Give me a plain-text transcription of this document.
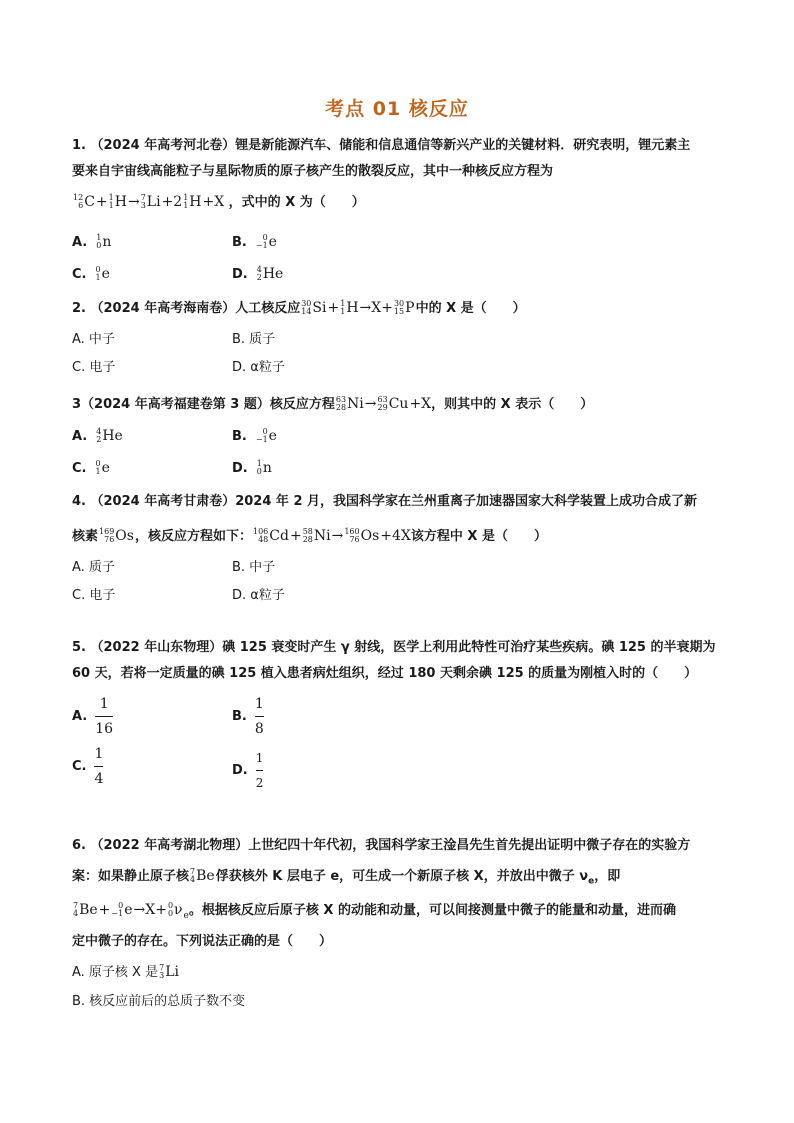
考点 01 核反应
1. （2024 年高考河北卷）锂是新能源汽车、储能和信息通信等新兴产业的关键材料．研究表明，锂元素主
要来自宇宙线高能粒子与星际物质的原子核产生的散裂反应，其中一种核反应方程为
12
6 C+ 1
1 H→ 7
3 Li+2 1
1 H+X ，式中的 X 为（　　）
A. 1
0 n	B.	0
−1 e
C. 0
1 e	D. 4
2 He
2. （2024 年高考海南卷）人工核反应 30
14 Si+ 1
1 H→X+ 30
15 P中的 X 是（　　）
A. 中子	B. 质子
C. 电子	D. α粒子
3（2024 年高考福建卷第 3 题）核反应方程 63
28 Ni→ 63
29 Cu+X，则其中的 X 表示（　　）
A. 4
2 He	B.	0
−1 e
C. 0
1 e	D. 1
0 n
4. （2024 年高考甘肃卷）2024 年 2 月，我国科学家在兰州重离子加速器国家大科学装置上成功合成了新
核素 169
76 Os，核反应方程如下： 106
48 Cd+ 58
28 Ni→ 160
76 Os+4X该方程中 X 是（　　）
A. 质子	B. 中子
C. 电子	D. α粒子
5. （2022 年山东物理）碘 125 衰变时产生 γ 射线，医学上利用此特性可治疗某些疾病。碘 125 的半衰期为
60 天，若将一定质量的碘 125 植入患者病灶组织，经过 180 天剩余碘 125 的质量为刚植入时的（　　）
A. $\frac{1}{16}$	B. $\frac{1}{8}$
C. $\frac{1}{4}$	D. $\frac{1}{2}$
6. （2022 年高考湖北物理）上世纪四十年代初，我国科学家王淦昌先生首先提出证明中微子存在的实验方
案：如果静止原子核 7
4 Be俘获核外 K 层电子 e，可生成一个新原子核 X，并放出中微子 $\nu_e$，即
7
4 Be+ 0
−1 e→X+ 0
0 $\nu_e$。根据核反应后原子核 X 的动能和动量，可以间接测量中微子的能量和动量，进而确
定中微子的存在。下列说法正确的是（　　）
A. 原子核 X 是 7
3 Li
B. 核反应前后的总质子数不变
